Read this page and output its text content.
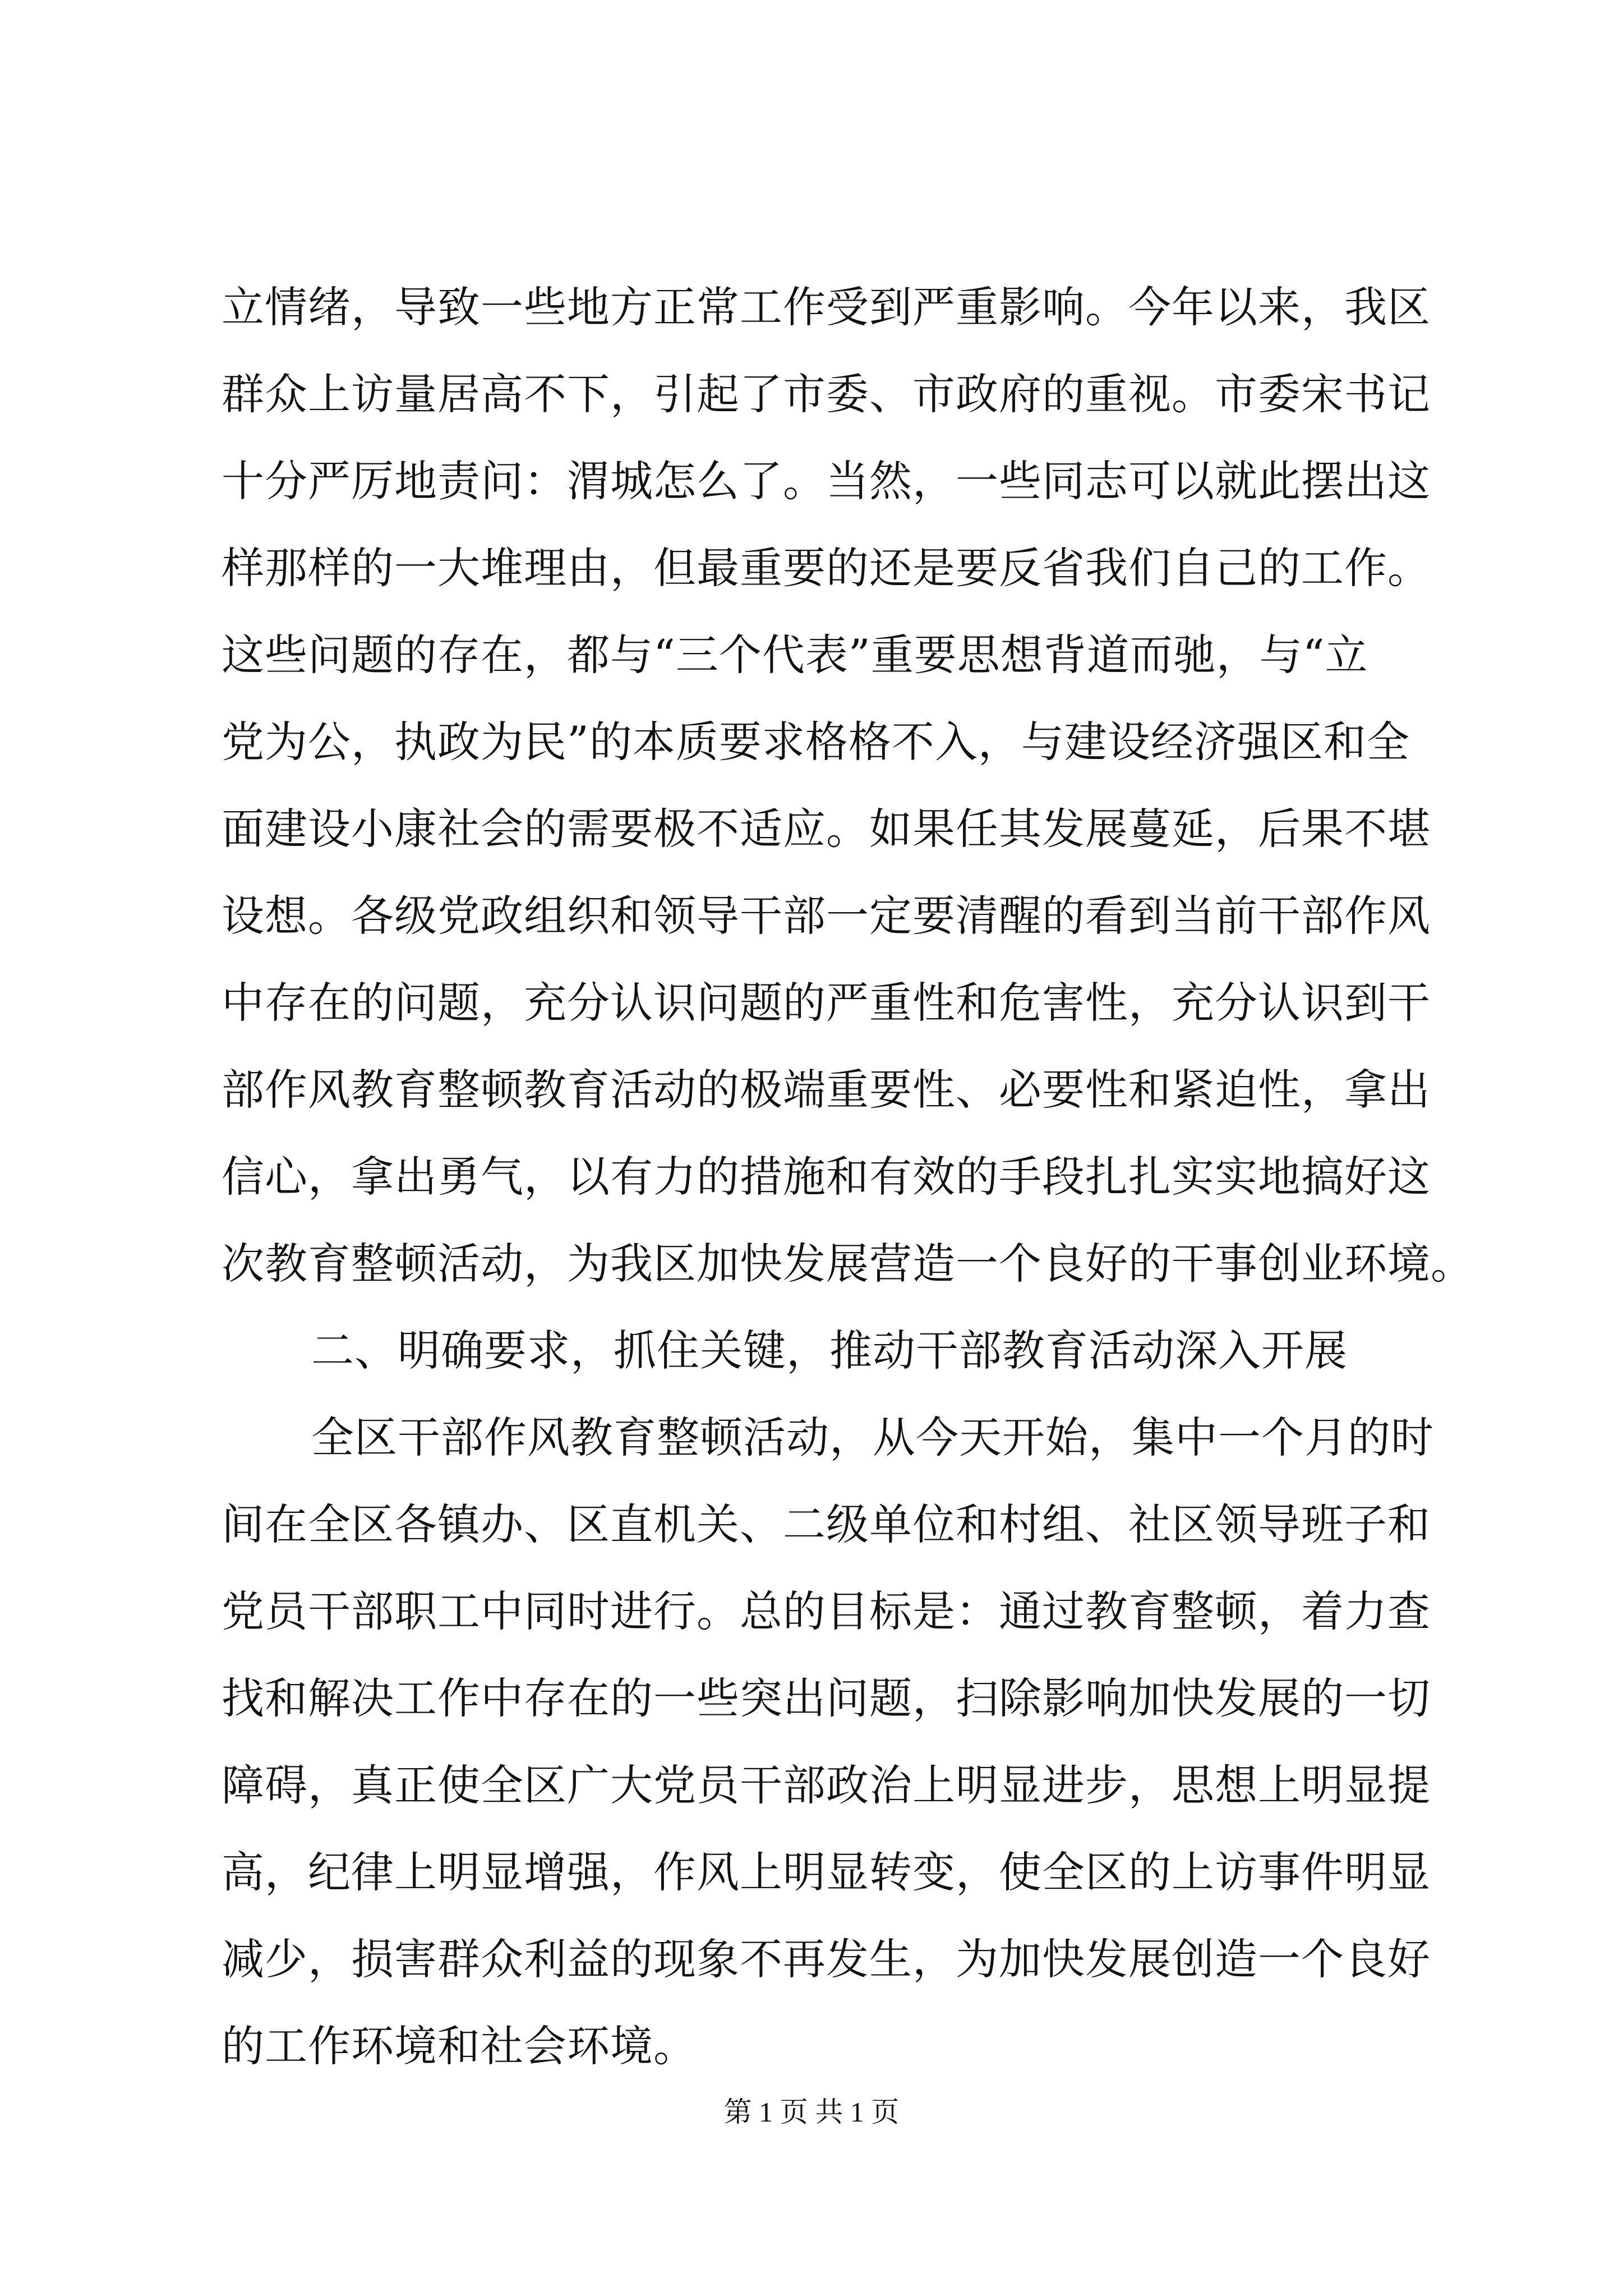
立情绪，导致一些地方正常工作受到严重影响。今年以来，我区
群众上访量居高不下，引起了市委、市政府的重视。市委宋书记
十分严厉地责问：渭城怎么了。当然，一些同志可以就此摆出这
样那样的一大堆理由，但最重要的还是要反省我们自己的工作。
这些问题的存在，都与“三个代表”重要思想背道而驰，与“立
党为公，执政为民”的本质要求格格不入，与建设经济强区和全
面建设小康社会的需要极不适应。如果任其发展蔓延，后果不堪
设想。各级党政组织和领导干部一定要清醒的看到当前干部作风
中存在的问题，充分认识问题的严重性和危害性，充分认识到干
部作风教育整顿教育活动的极端重要性、必要性和紧迫性，拿出
信心，拿出勇气，以有力的措施和有效的手段扎扎实实地搞好这
次教育整顿活动，为我区加快发展营造一个良好的干事创业环境。
二、明确要求，抓住关键，推动干部教育活动深入开展
全区干部作风教育整顿活动，从今天开始，集中一个月的时
间在全区各镇办、区直机关、二级单位和村组、社区领导班子和
党员干部职工中同时进行。总的目标是：通过教育整顿，着力查
找和解决工作中存在的一些突出问题，扫除影响加快发展的一切
障碍，真正使全区广大党员干部政治上明显进步，思想上明显提
高，纪律上明显增强，作风上明显转变，使全区的上访事件明显
减少，损害群众利益的现象不再发生，为加快发展创造一个良好
的工作环境和社会环境。
第 1 页 共 1 页
